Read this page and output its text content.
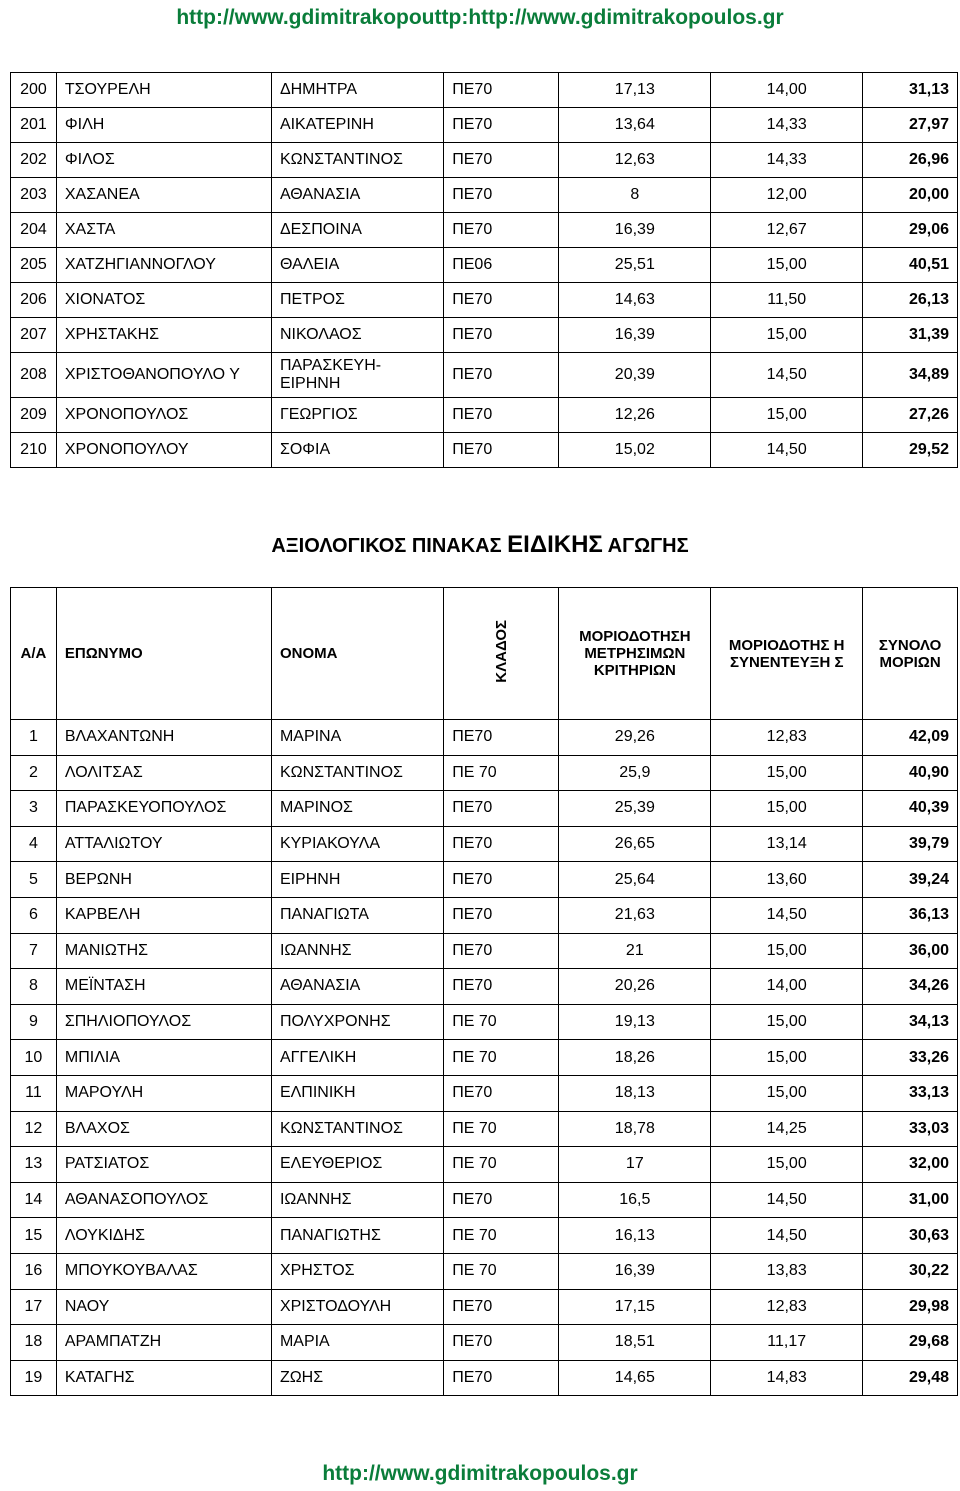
http://www.gdimitrakopouttp:http://www.gdimitrakopoulos.gr
200	ΤΣΟΥΡΕΛΗ	ΔΗΜΗΤΡΑ	ΠΕ70	17,13	14,00	31,13
201	ΦΙΛΗ	ΑΙΚΑΤΕΡΙΝΗ	ΠΕ70	13,64	14,33	27,97
202	ΦΙΛΟΣ	ΚΩΝΣΤΑΝΤΙΝΟΣ	ΠΕ70	12,63	14,33	26,96
203	ΧΑΣΑΝΕΑ	ΑΘΑΝΑΣΙΑ	ΠΕ70	8	12,00	20,00
204	ΧΑΣΤΑ	ΔΕΣΠΟΙΝΑ	ΠΕ70	16,39	12,67	29,06
205	ΧΑΤΖΗΓΙΑΝΝΟΓΛΟΥ	ΘΑΛΕΙΑ	ΠΕ06	25,51	15,00	40,51
206	ΧΙΟΝΑΤΟΣ	ΠΕΤΡΟΣ	ΠΕ70	14,63	11,50	26,13
207	ΧΡΗΣΤΑΚΗΣ	ΝΙΚΟΛΑΟΣ	ΠΕ70	16,39	15,00	31,39
208	ΧΡΙΣΤΟΘΑΝΟΠΟΥΛΟ Υ	ΠΑΡΑΣΚΕΥΗ- ΕΙΡΗΝΗ	ΠΕ70	20,39	14,50	34,89
209	ΧΡΟΝΟΠΟΥΛΟΣ	ΓΕΩΡΓΙΟΣ	ΠΕ70	12,26	15,00	27,26
210	ΧΡΟΝΟΠΟΥΛΟΥ	ΣΟΦΙΑ	ΠΕ70	15,02	14,50	29,52
ΑΞΙΟΛΟΓΙΚΟΣ ΠΙΝΑΚΑΣ ΕΙΔΙΚΗΣ ΑΓΩΓΗΣ
Α/Α	ΕΠΩΝΥΜΟ	ΟΝΟΜΑ	ΚΛΑΔΟΣ	ΜΟΡΙΟΔΟΤΗΣΗ ΜΕΤΡΗΣΙΜΩΝ ΚΡΙΤΗΡΙΩΝ	ΜΟΡΙΟΔΟΤΗΣ Η ΣΥΝΕΝΤΕΥΞΗ Σ	ΣΥΝΟΛΟ ΜΟΡΙΩΝ
1	ΒΛΑΧΑΝΤΩΝΗ	ΜΑΡΙΝΑ	ΠΕ70	29,26	12,83	42,09
2	ΛΟΛΙΤΣΑΣ	ΚΩΝΣΤΑΝΤΙΝΟΣ	ΠΕ 70	25,9	15,00	40,90
3	ΠΑΡΑΣΚΕΥΟΠΟΥΛΟΣ	ΜΑΡΙΝΟΣ	ΠΕ70	25,39	15,00	40,39
4	ΑΤΤΑΛΙΩΤΟΥ	ΚΥΡΙΑΚΟΥΛΑ	ΠΕ70	26,65	13,14	39,79
5	ΒΕΡΩΝΗ	ΕΙΡΗΝΗ	ΠΕ70	25,64	13,60	39,24
6	ΚΑΡΒΕΛΗ	ΠΑΝΑΓΙΩΤΑ	ΠΕ70	21,63	14,50	36,13
7	ΜΑΝΙΩΤΗΣ	ΙΩΑΝΝΗΣ	ΠΕ70	21	15,00	36,00
8	ΜΕΪΝΤΑΣΗ	ΑΘΑΝΑΣΙΑ	ΠΕ70	20,26	14,00	34,26
9	ΣΠΗΛΙΟΠΟΥΛΟΣ	ΠΟΛΥΧΡΟΝΗΣ	ΠΕ 70	19,13	15,00	34,13
10	ΜΠΙΛΙΑ	ΑΓΓΕΛΙΚΗ	ΠΕ 70	18,26	15,00	33,26
11	ΜΑΡΟΥΛΗ	ΕΛΠΙΝΙΚΗ	ΠΕ70	18,13	15,00	33,13
12	ΒΛΑΧΟΣ	ΚΩΝΣΤΑΝΤΙΝΟΣ	ΠΕ 70	18,78	14,25	33,03
13	ΡΑΤΣΙΑΤΟΣ	ΕΛΕΥΘΕΡΙΟΣ	ΠΕ 70	17	15,00	32,00
14	ΑΘΑΝΑΣΟΠΟΥΛΟΣ	ΙΩΑΝΝΗΣ	ΠΕ70	16,5	14,50	31,00
15	ΛΟΥΚΙΔΗΣ	ΠΑΝΑΓΙΩΤΗΣ	ΠΕ 70	16,13	14,50	30,63
16	ΜΠΟΥΚΟΥΒΑΛΑΣ	ΧΡΗΣΤΟΣ	ΠΕ 70	16,39	13,83	30,22
17	ΝΑΟΥ	ΧΡΙΣΤΟΔΟΥΛΗ	ΠΕ70	17,15	12,83	29,98
18	ΑΡΑΜΠΑΤΖΗ	ΜΑΡΙΑ	ΠΕ70	18,51	11,17	29,68
19	ΚΑΤΑΓΗΣ	ΖΩΗΣ	ΠΕ70	14,65	14,83	29,48
http://www.gdimitrakopoulos.gr
